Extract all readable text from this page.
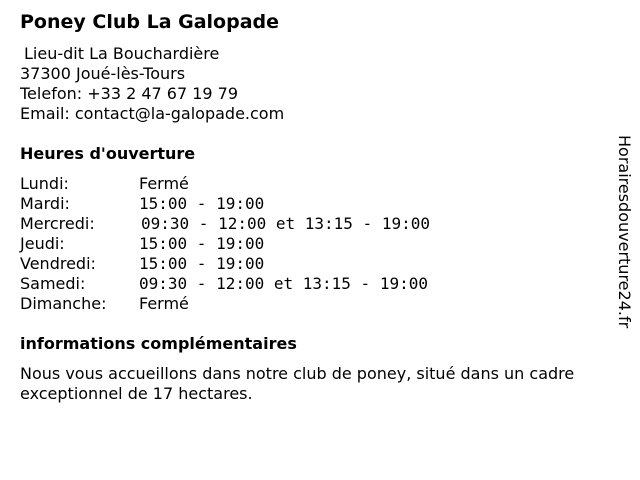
Poney Club La Galopade
Lieu-dit La Bouchardière
37300 Joué-lès-Tours
Telefon: +33 2 47 67 19 79
Email: contact@la-galopade.com
Heures d'ouverture
Lundi:	Fermé
Mardi:	15:00 - 19:00
Mercredi:	09:30 - 12:00 et 13:15 - 19:00
Jeudi:	15:00 - 19:00
Vendredi:	15:00 - 19:00
Samedi:	09:30 - 12:00 et 13:15 - 19:00
Dimanche: Fermé
informations complémentaires

Nous vous accueillons dans notre club de poney, situé dans un cadre exceptionnel de 17 hectares.

Horairesdouverture24.fr
